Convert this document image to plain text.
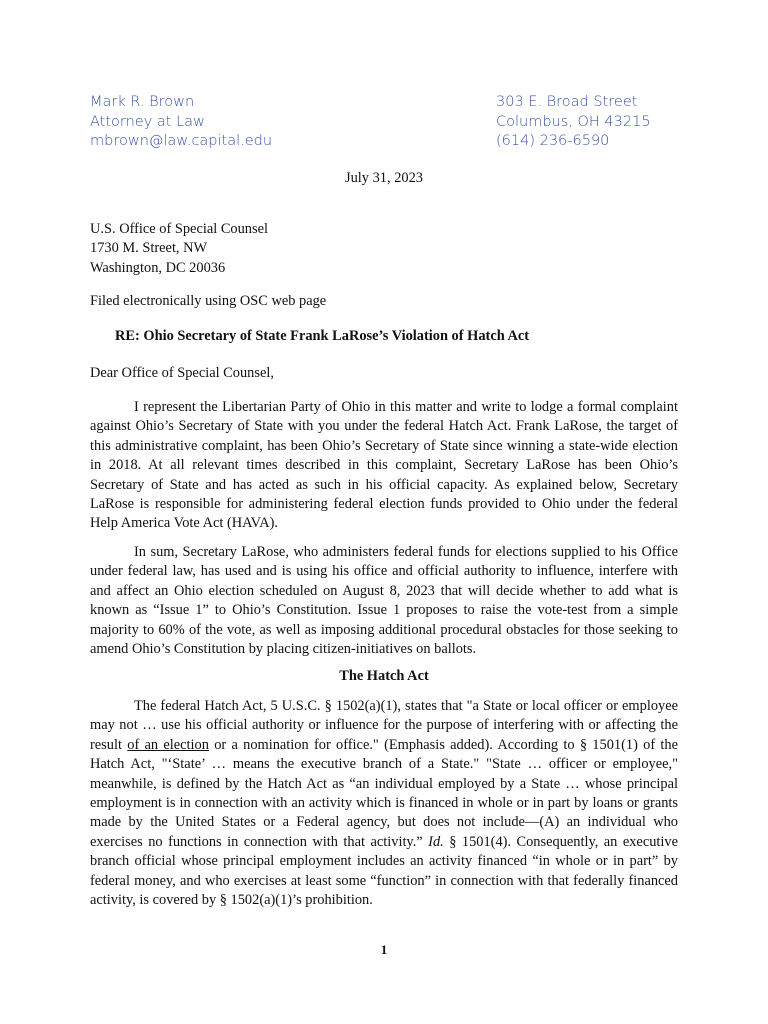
Mark R. Brown
Attorney at Law
mbrown@law.capital.edu
303 E. Broad Street
Columbus, OH 43215
(614) 236-6590
July 31, 2023
U.S. Office of Special Counsel
1730 M. Street, NW
Washington, DC 20036
Filed electronically using OSC web page
RE: Ohio Secretary of State Frank LaRose’s Violation of Hatch Act
Dear Office of Special Counsel,
I represent the Libertarian Party of Ohio in this matter and write to lodge a formal complaint against Ohio’s Secretary of State with you under the federal Hatch Act. Frank LaRose, the target of this administrative complaint, has been Ohio’s Secretary of State since winning a state-wide election in 2018. At all relevant times described in this complaint, Secretary LaRose has been Ohio’s Secretary of State and has acted as such in his official capacity. As explained below, Secretary LaRose is responsible for administering federal election funds provided to Ohio under the federal Help America Vote Act (HAVA).
In sum, Secretary LaRose, who administers federal funds for elections supplied to his Office under federal law, has used and is using his office and official authority to influence, interfere with and affect an Ohio election scheduled on August 8, 2023 that will decide whether to add what is known as “Issue 1” to Ohio’s Constitution. Issue 1 proposes to raise the vote-test from a simple majority to 60% of the vote, as well as imposing additional procedural obstacles for those seeking to amend Ohio’s Constitution by placing citizen-initiatives on ballots.
The Hatch Act
The federal Hatch Act, 5 U.S.C. § 1502(a)(1), states that "a State or local officer or employee may not … use his official authority or influence for the purpose of interfering with or affecting the result of an election or a nomination for office." (Emphasis added). According to § 1501(1) of the Hatch Act, "‘State’ … means the executive branch of a State." "State … officer or employee," meanwhile, is defined by the Hatch Act as “an individual employed by a State … whose principal employment is in connection with an activity which is financed in whole or in part by loans or grants made by the United States or a Federal agency, but does not include—(A) an individual who exercises no functions in connection with that activity.” Id. § 1501(4). Consequently, an executive branch official whose principal employment includes an activity financed “in whole or in part” by federal money, and who exercises at least some “function” in connection with that federally financed activity, is covered by § 1502(a)(1)’s prohibition.
1
